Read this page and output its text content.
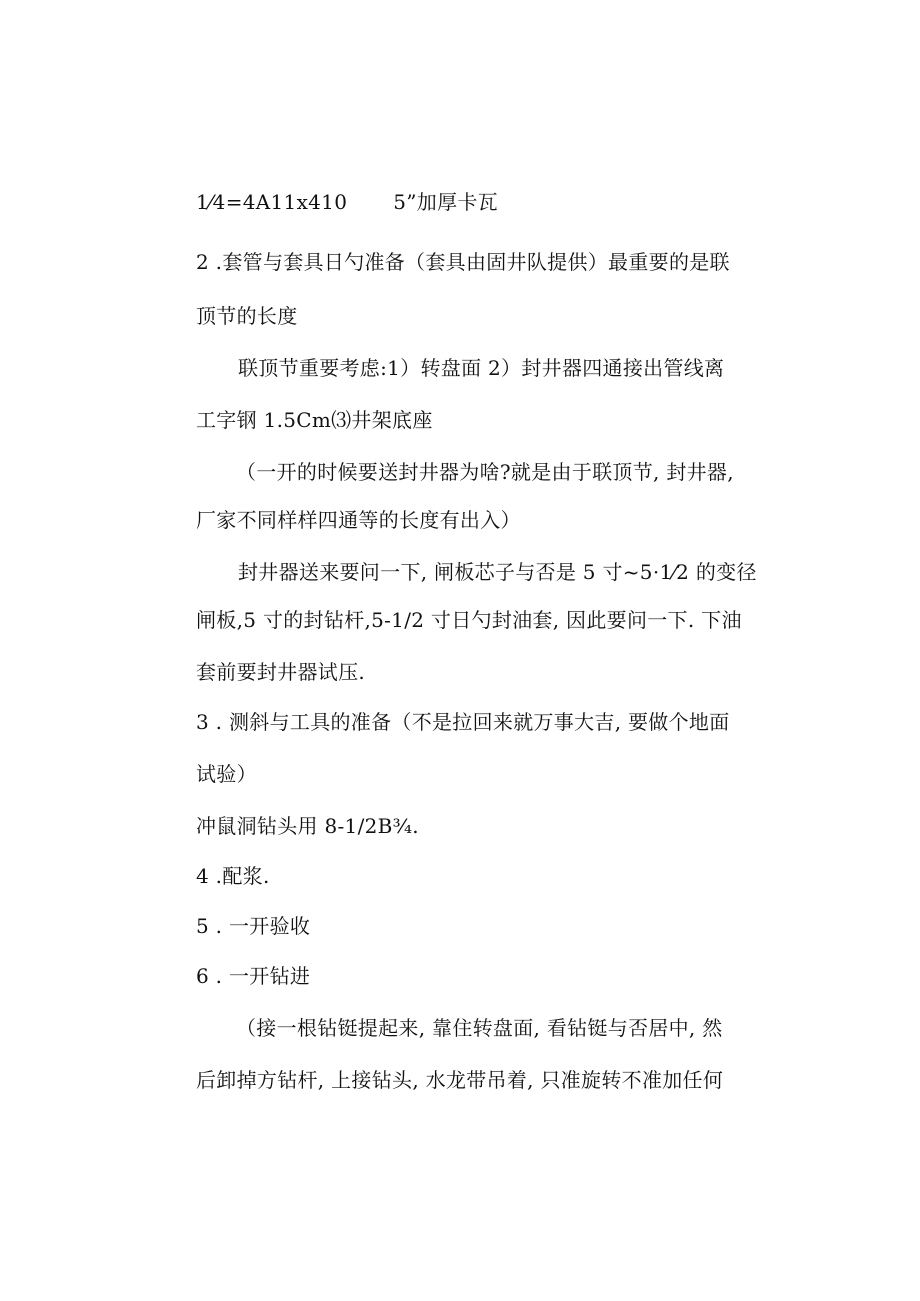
1⁄4=4A11x410 5”加厚卡瓦
2 .套管与套具日勺准备（套具由固井队提供）最重要的是联
顶节的长度
联顶节重要考虑:1）转盘面 2）封井器四通接出管线离
工字钢 1.5Cm⑶井架底座
（一开的时候要送封井器为啥?就是由于联顶节, 封井器,
厂家不同样样四通等的长度有出入）
封井器送来要问一下, 闸板芯子与否是 5 寸~5·1⁄2 的变径
闸板,5 寸的封钻杆,5-1/2 寸日勺封油套, 因此要问一下. 下油
套前要封井器试压.
3 . 测斜与工具的准备（不是拉回来就万事大吉, 要做个地面
试验）
冲鼠洞钻头用 8-1/2B¾.
4 .配浆.
5 . 一开验收
6 . 一开钻进
（接一根钻铤提起来, 靠住转盘面, 看钻铤与否居中, 然
后卸掉方钻杆, 上接钻头, 水龙带吊着, 只准旋转不准加任何
